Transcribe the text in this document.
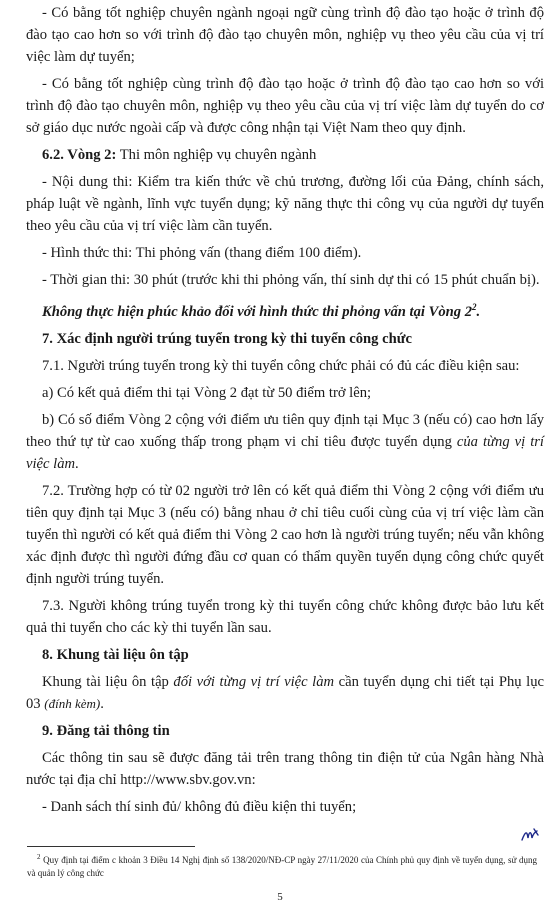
- Có bằng tốt nghiệp chuyên ngành ngoại ngữ cùng trình độ đào tạo hoặc ở trình độ đào tạo cao hơn so với trình độ đào tạo chuyên môn, nghiệp vụ theo yêu cầu của vị trí việc làm dự tuyển;

- Có bằng tốt nghiệp cùng trình độ đào tạo hoặc ở trình độ đào tạo cao hơn so với trình độ đào tạo chuyên môn, nghiệp vụ theo yêu cầu của vị trí việc làm dự tuyển do cơ sở giáo dục nước ngoài cấp và được công nhận tại Việt Nam theo quy định.

6.2. Vòng 2: Thi môn nghiệp vụ chuyên ngành

- Nội dung thi: Kiểm tra kiến thức về chủ trương, đường lối của Đảng, chính sách, pháp luật về ngành, lĩnh vực tuyển dụng; kỹ năng thực thi công vụ của người dự tuyển theo yêu cầu của vị trí việc làm cần tuyển.

- Hình thức thi: Thi phỏng vấn (thang điểm 100 điểm).

- Thời gian thi: 30 phút (trước khi thi phỏng vấn, thí sinh dự thi có 15 phút chuẩn bị).

Không thực hiện phúc khảo đối với hình thức thi phỏng vấn tại Vòng $2^2$.

7. Xác định người trúng tuyển trong kỳ thi tuyển công chức

7.1. Người trúng tuyển trong kỳ thi tuyển công chức phải có đủ các điều kiện sau:

a) Có kết quả điểm thi tại Vòng 2 đạt từ 50 điểm trở lên;

b) Có số điểm Vòng 2 cộng với điểm ưu tiên quy định tại Mục 3 (nếu có) cao hơn lấy theo thứ tự từ cao xuống thấp trong phạm vi chỉ tiêu được tuyển dụng của từng vị trí việc làm.

7.2. Trường hợp có từ 02 người trở lên có kết quả điểm thi Vòng 2 cộng với điểm ưu tiên quy định tại Mục 3 (nếu có) bằng nhau ở chỉ tiêu cuối cùng của vị trí việc làm cần tuyển thì người có kết quả điểm thi Vòng 2 cao hơn là người trúng tuyển; nếu vẫn không xác định được thì người đứng đầu cơ quan có thẩm quyền tuyển dụng công chức quyết định người trúng tuyển.

7.3. Người không trúng tuyển trong kỳ thi tuyển công chức không được bảo lưu kết quả thi tuyển cho các kỳ thi tuyển lần sau.

8. Khung tài liệu ôn tập

Khung tài liệu ôn tập đối với từng vị trí việc làm cần tuyển dụng chi tiết tại Phụ lục 03 (đính kèm).

9. Đăng tải thông tin

Các thông tin sau sẽ được đăng tải trên trang thông tin điện tử của Ngân hàng Nhà nước tại địa chỉ http://www.sbv.gov.vn:

- Danh sách thí sinh đủ/ không đủ điều kiện thi tuyển;

$^2$ Quy định tại điểm c khoản 3 Điều 14 Nghị định số 138/2020/NĐ-CP ngày 27/11/2020 của Chính phủ quy định về tuyển dụng, sử dụng và quản lý công chức

5
